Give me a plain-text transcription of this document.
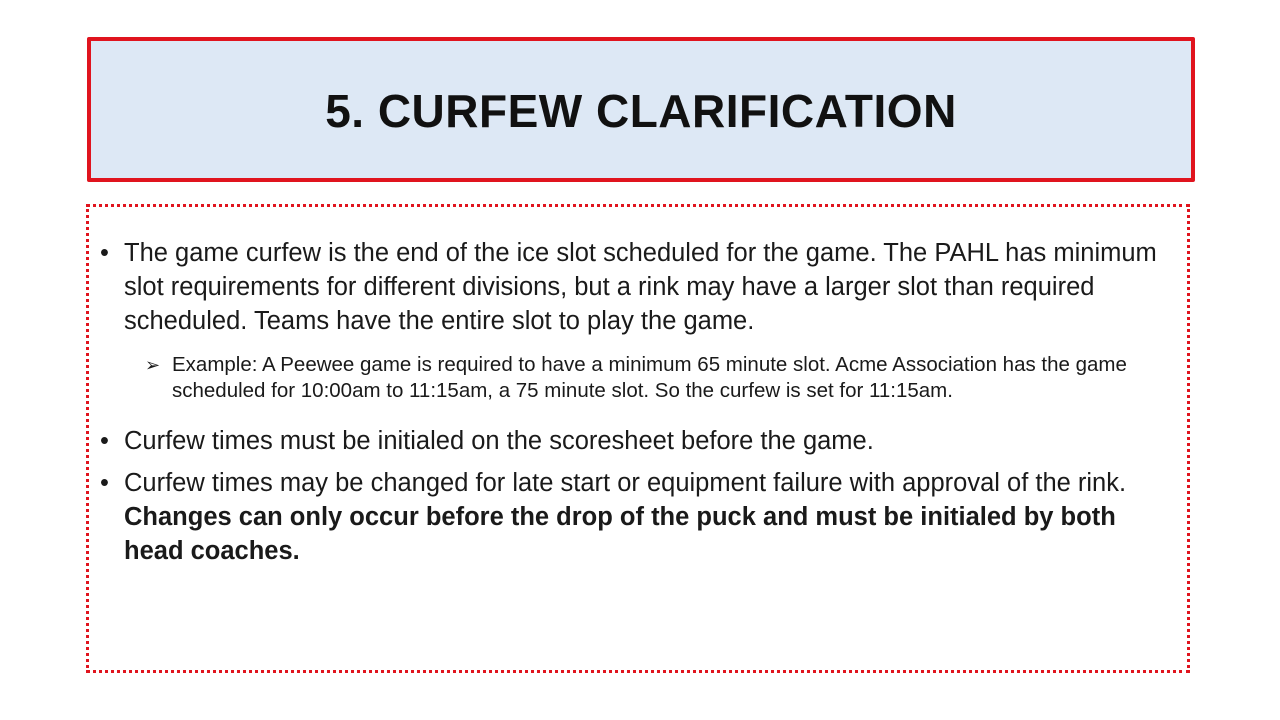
5. CURFEW CLARIFICATION
• The game curfew is the end of the ice slot scheduled for the game. The PAHL has minimum slot requirements for different divisions, but a rink may have a larger slot than required scheduled. Teams have the entire slot to play the game.
➢ Example: A Peewee game is required to have a minimum 65 minute slot. Acme Association has the game scheduled for 10:00am to 11:15am, a 75 minute slot. So the curfew is set for 11:15am.
• Curfew times must be initialed on the scoresheet before the game.
• Curfew times may be changed for late start or equipment failure with approval of the rink. Changes can only occur before the drop of the puck and must be initialed by both head coaches.
